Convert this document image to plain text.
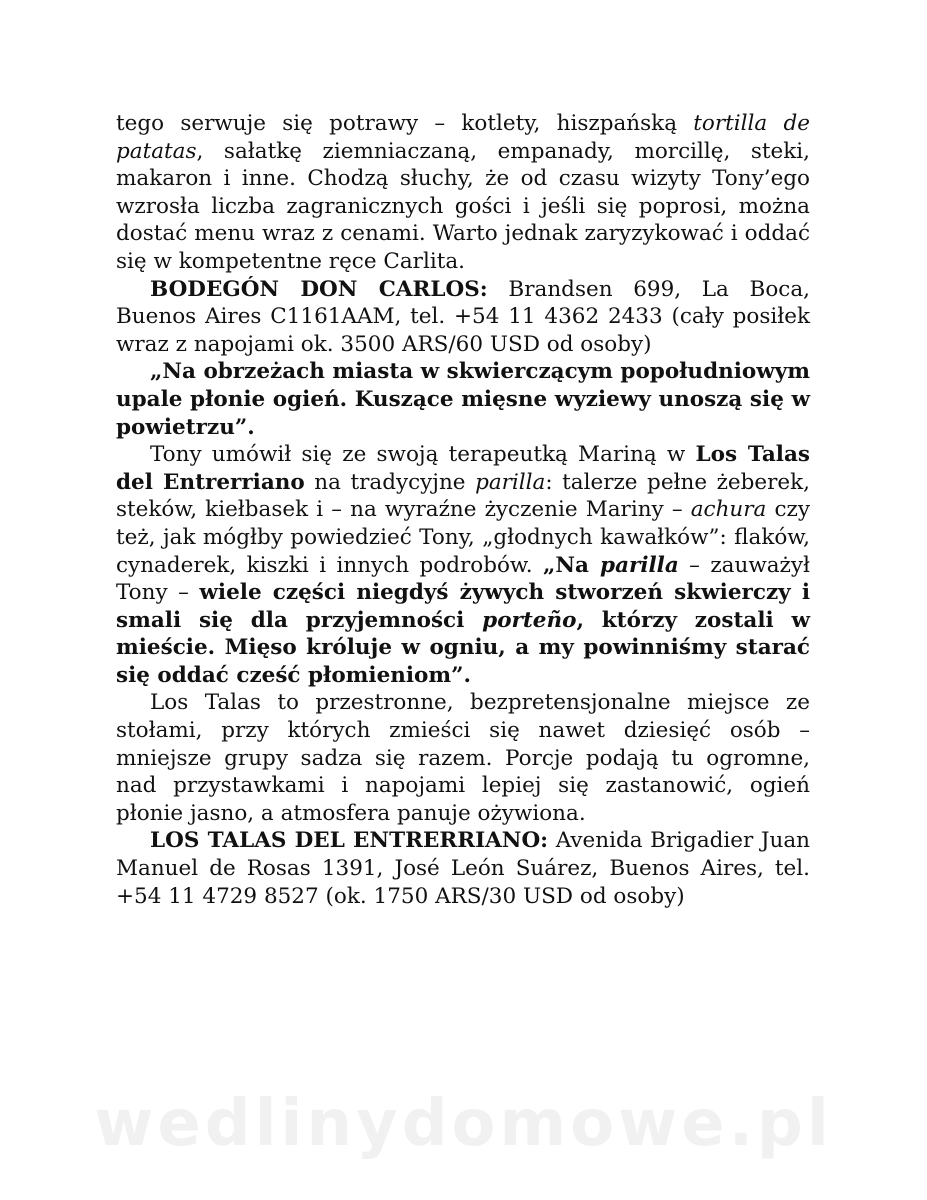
tego serwuje się potrawy – kotlety, hiszpańską tortilla de patatas, sałatkę ziemniaczaną, empanady, morcillę, steki, makaron i inne. Chodzą słuchy, że od czasu wizyty Tony’ego wzrosła liczba zagranicznych gości i jeśli się poprosi, można dostać menu wraz z cenami. Warto jednak zaryzykować i oddać się w kompetentne ręce Carlita.

BODEGÓN DON CARLOS: Brandsen 699, La Boca, Buenos Aires C1161AAM, tel. +54 11 4362 2433 (cały posiłek wraz z napojami ok. 3500 ARS/60 USD od osoby)

„Na obrzeżach miasta w skwierczącym popołudniowym upale płonie ogień. Kuszące mięsne wyziewy unoszą się w powietrzu”.

Tony umówił się ze swoją terapeutką Mariną w Los Talas del Entrerriano na tradycyjne parilla: talerze pełne żeberek, steków, kiełbasek i – na wyraźne życzenie Mariny – achura czy też, jak mógłby powiedzieć Tony, „głodnych kawałków”: flaków, cynaderek, kiszki i innych podrobów. „Na parilla – zauważył Tony – wiele części niegdyś żywych stworzeń skwierczy i smali się dla przyjemności porteño, którzy zostali w mieście. Mięso króluje w ogniu, a my powinniśmy starać się oddać cześć płomieniom”.

Los Talas to przestronne, bezpretensjonalne miejsce ze stołami, przy których zmieści się nawet dziesięć osób – mniejsze grupy sadza się razem. Porcje podają tu ogromne, nad przystawkami i napojami lepiej się zastanowić, ogień płonie jasno, a atmosfera panuje ożywiona.

LOS TALAS DEL ENTRERRIANO: Avenida Brigadier Juan Manuel de Rosas 1391, José León Suárez, Buenos Aires, tel. +54 11 4729 8527 (ok. 1750 ARS/30 USD od osoby)

wedlinydomowe.pl
